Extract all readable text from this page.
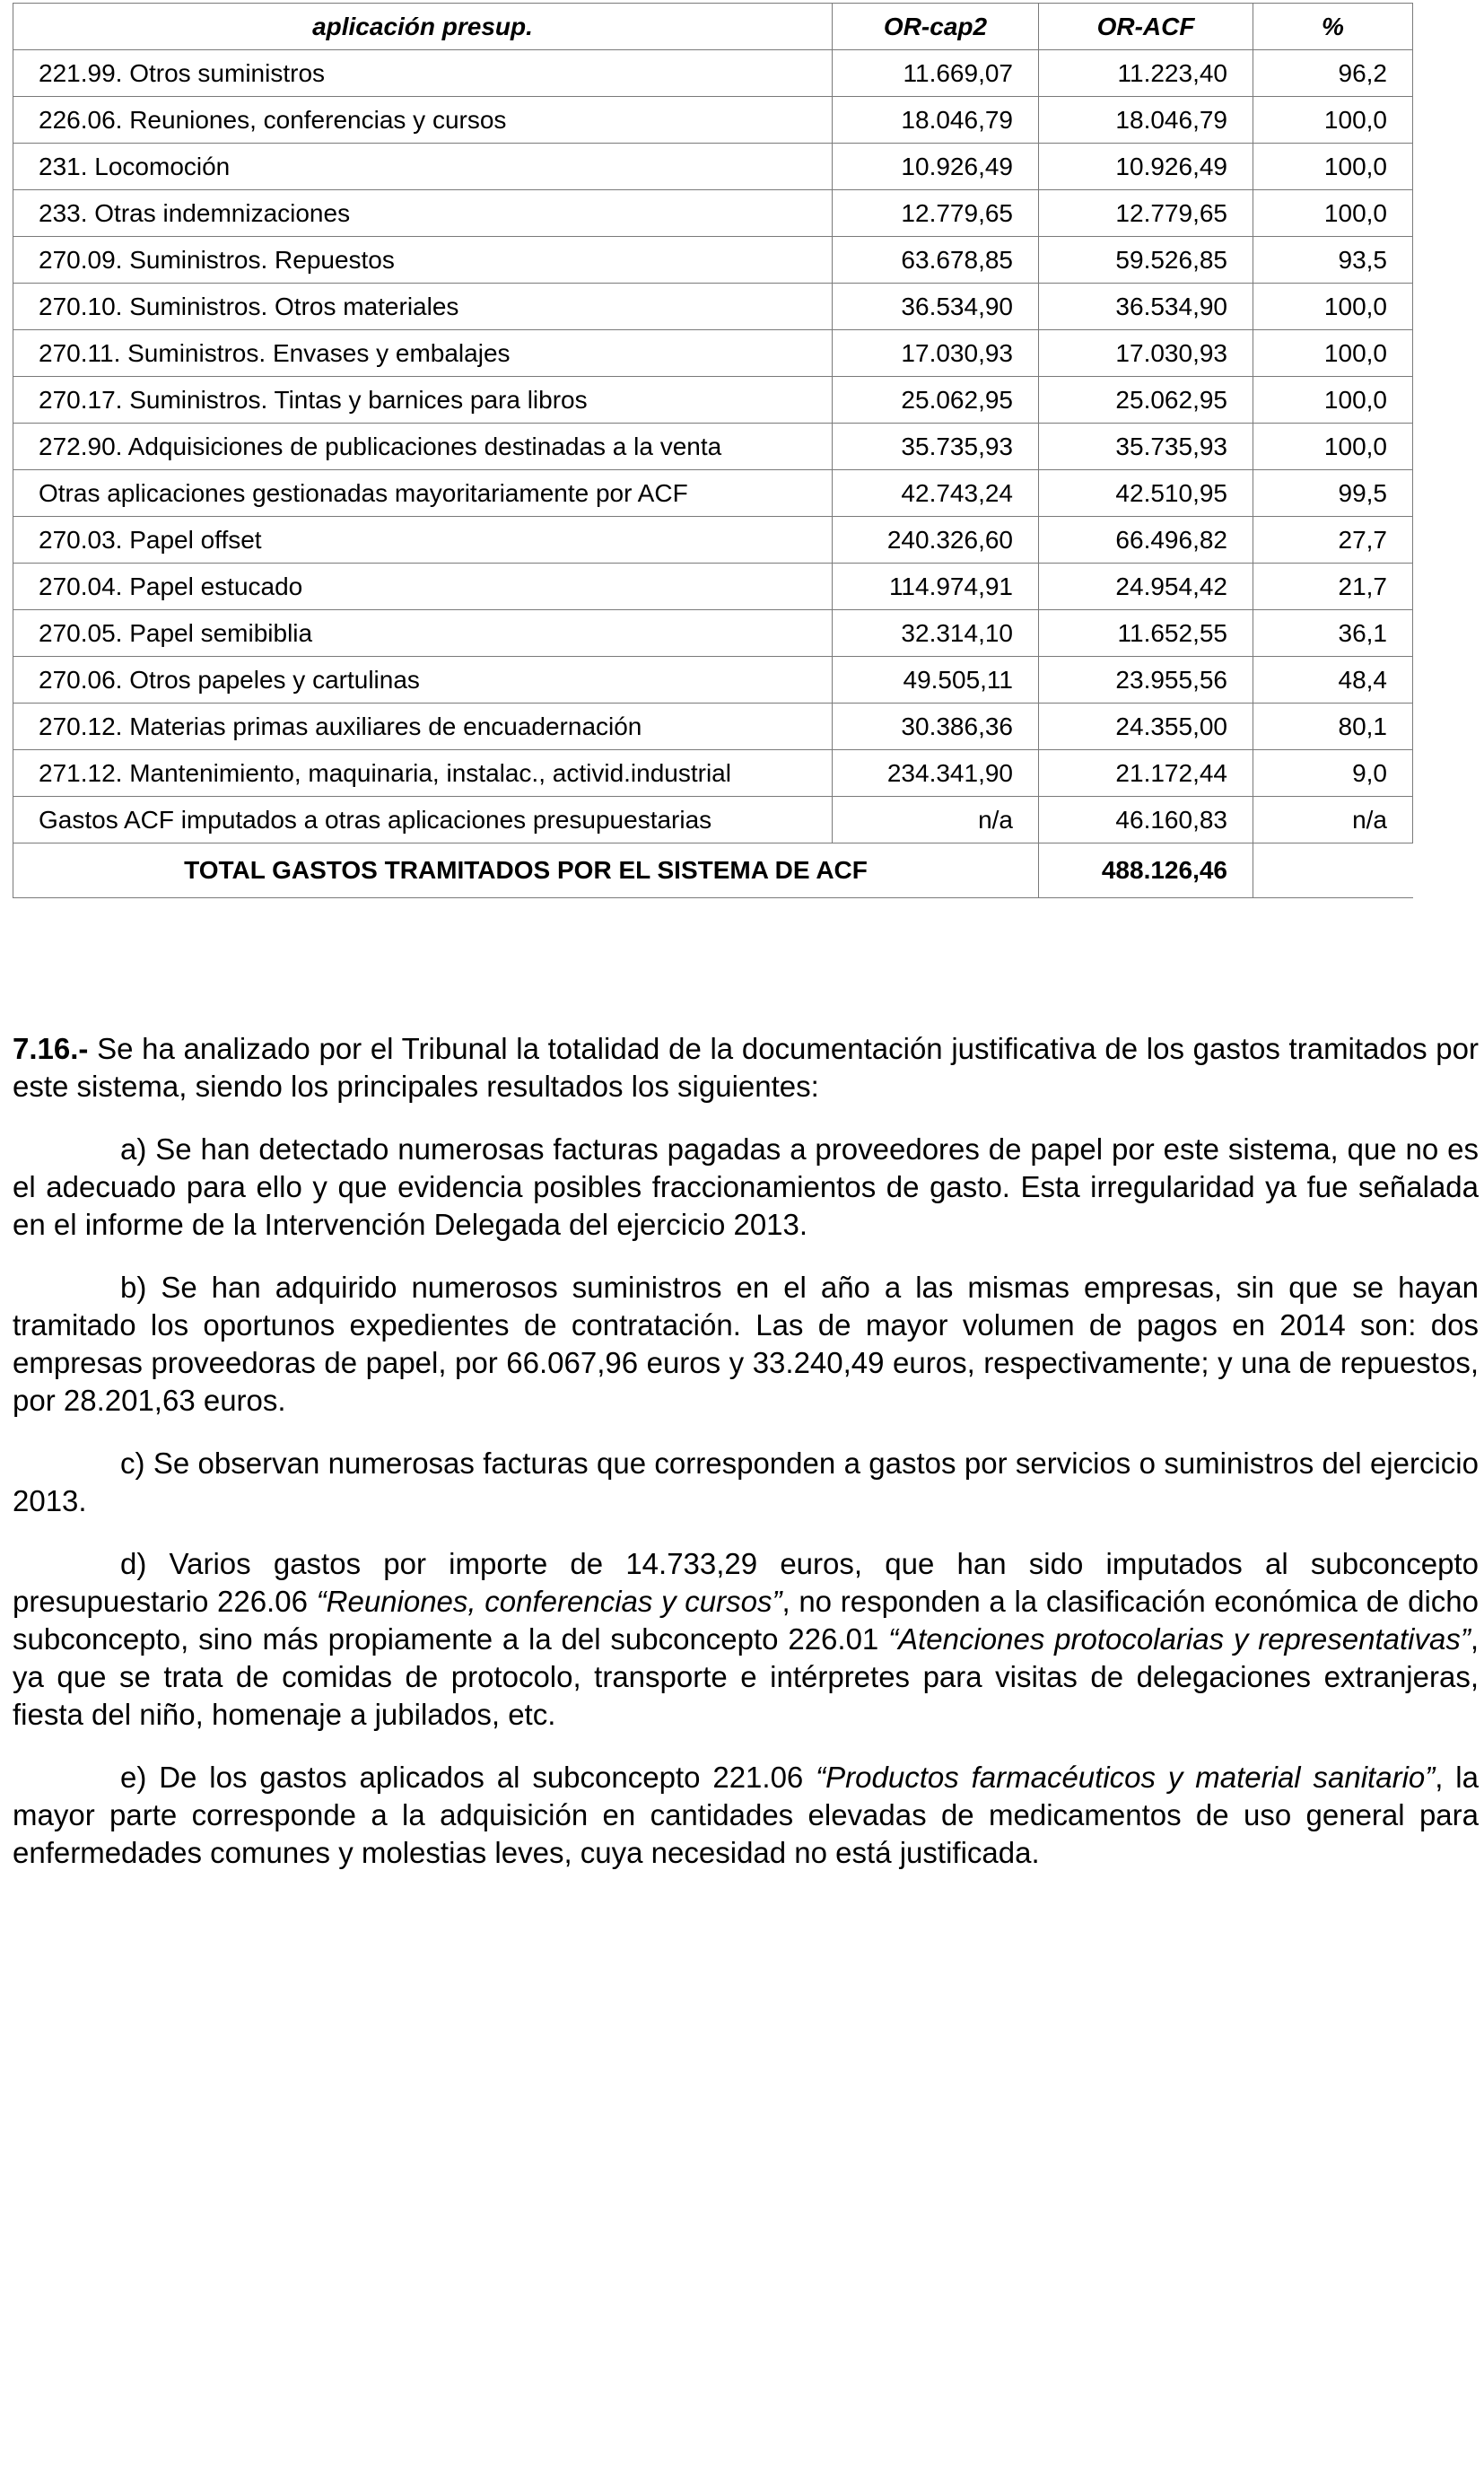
aplicación presup.	OR-cap2	OR-ACF	%
221.99. Otros suministros	11.669,07	11.223,40	96,2
226.06. Reuniones, conferencias y cursos	18.046,79	18.046,79	100,0
231. Locomoción	10.926,49	10.926,49	100,0
233. Otras indemnizaciones	12.779,65	12.779,65	100,0
270.09. Suministros. Repuestos	63.678,85	59.526,85	93,5
270.10. Suministros. Otros materiales	36.534,90	36.534,90	100,0
270.11. Suministros. Envases y embalajes	17.030,93	17.030,93	100,0
270.17. Suministros. Tintas y barnices para libros	25.062,95	25.062,95	100,0
272.90. Adquisiciones de publicaciones destinadas a la venta	35.735,93	35.735,93	100,0
Otras aplicaciones gestionadas mayoritariamente por ACF	42.743,24	42.510,95	99,5
270.03. Papel offset	240.326,60	66.496,82	27,7
270.04. Papel estucado	114.974,91	24.954,42	21,7
270.05. Papel semibiblia	32.314,10	11.652,55	36,1
270.06. Otros papeles y cartulinas	49.505,11	23.955,56	48,4
270.12. Materias primas auxiliares de encuadernación	30.386,36	24.355,00	80,1
271.12. Mantenimiento, maquinaria, instalac., activid.industrial	234.341,90	21.172,44	9,0
Gastos ACF imputados a otras aplicaciones presupuestarias	n/a	46.160,83	n/a
TOTAL GASTOS TRAMITADOS POR EL SISTEMA DE ACF		488.126,46	

7.16.- Se ha analizado por el Tribunal la totalidad de la documentación justificativa de los gastos tramitados por este sistema, siendo los principales resultados los siguientes:

a) Se han detectado numerosas facturas pagadas a proveedores de papel por este sistema, que no es el adecuado para ello y que evidencia posibles fraccionamientos de gasto. Esta irregularidad ya fue señalada en el informe de la Intervención Delegada del ejercicio 2013.

b) Se han adquirido numerosos suministros en el año a las mismas empresas, sin que se hayan tramitado los oportunos expedientes de contratación. Las de mayor volumen de pagos en 2014 son: dos empresas proveedoras de papel, por 66.067,96 euros y 33.240,49 euros, respectivamente; y una de repuestos, por 28.201,63 euros.

c) Se observan numerosas facturas que corresponden a gastos por servicios o suministros del ejercicio 2013.

d) Varios gastos por importe de 14.733,29 euros, que han sido imputados al subconcepto presupuestario 226.06 “Reuniones, conferencias y cursos”, no responden a la clasificación económica de dicho subconcepto, sino más propiamente a la del subconcepto 226.01 “Atenciones protocolarias y representativas”, ya que se trata de comidas de protocolo, transporte e intérpretes para visitas de delegaciones extranjeras, fiesta del niño, homenaje a jubilados, etc.

e) De los gastos aplicados al subconcepto 221.06 “Productos farmacéuticos y material sanitario”, la mayor parte corresponde a la adquisición en cantidades elevadas de medicamentos de uso general para enfermedades comunes y molestias leves, cuya necesidad no está justificada.
